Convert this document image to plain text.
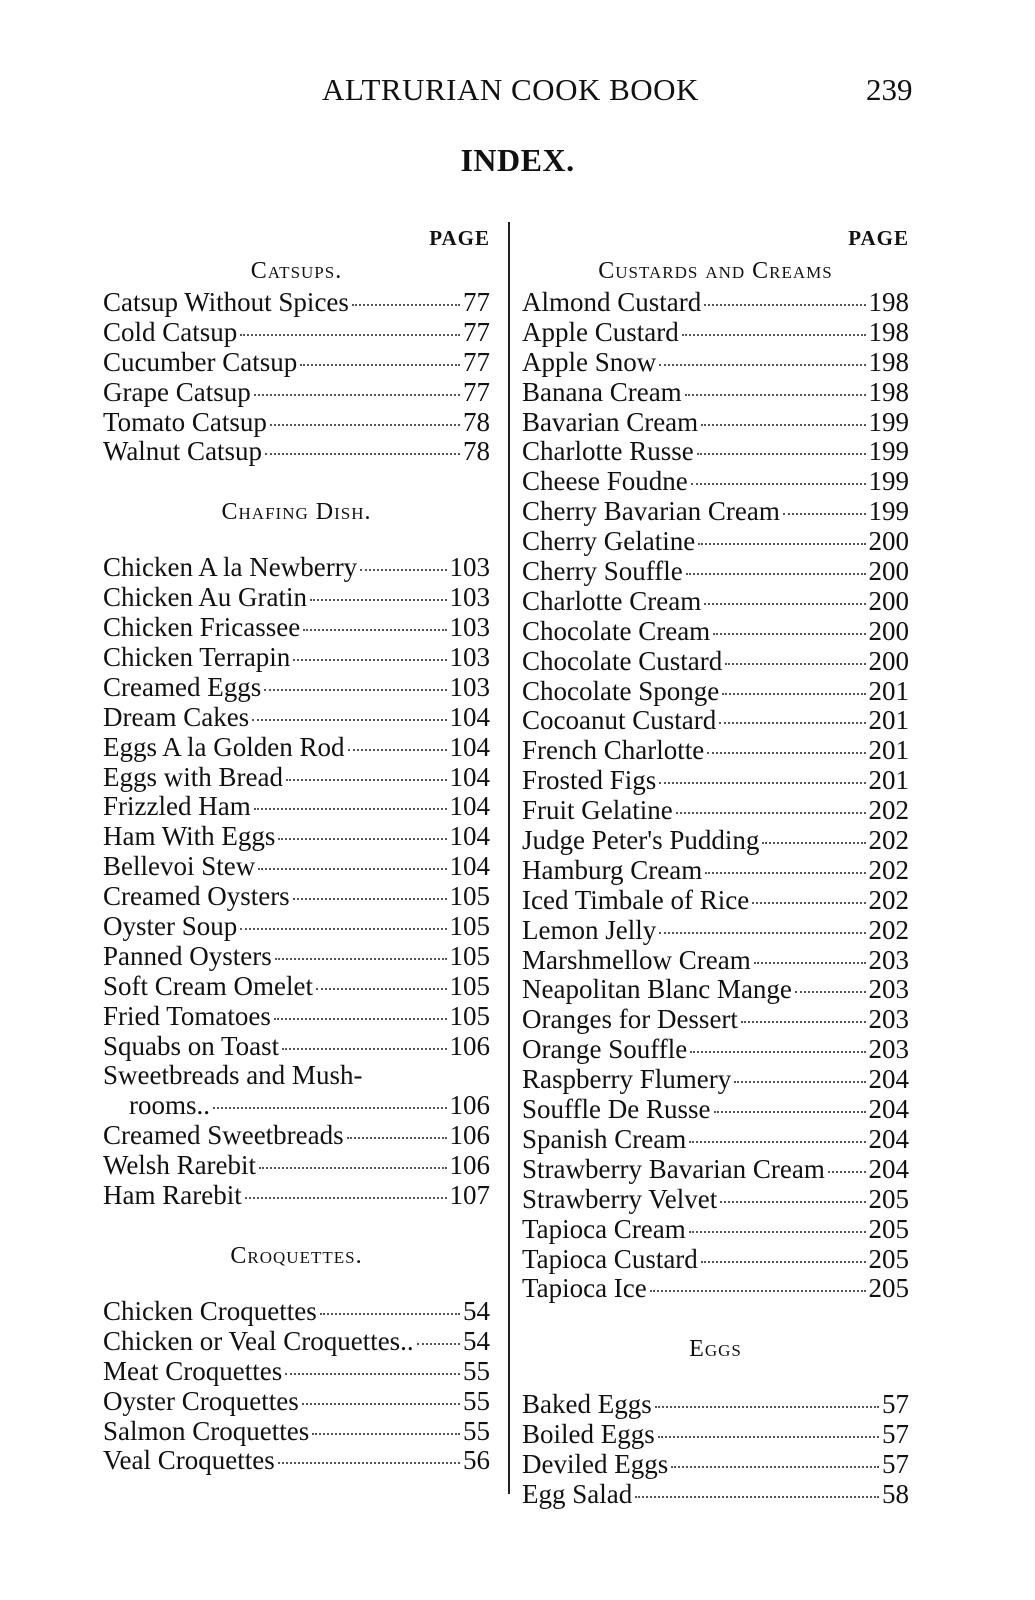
ALTRURIAN COOK BOOK	239
INDEX.
PAGE
Catsups.
Catsup Without Spices	77
Cold Catsup	77
Cucumber Catsup	77
Grape Catsup	77
Tomato Catsup	78
Walnut Catsup	78
Chafing Dish.
Chicken A la Newberry	103
Chicken Au Gratin	103
Chicken Fricassee	103
Chicken Terrapin	103
Creamed Eggs	103
Dream Cakes	104
Eggs A la Golden Rod	104
Eggs with Bread	104
Frizzled Ham	104
Ham With Eggs	104
Bellevoi Stew	104
Creamed Oysters	105
Oyster Soup	105
Panned Oysters	105
Soft Cream Omelet	105
Fried Tomatoes	105
Squabs on Toast	106
Sweetbreads and Mush-
rooms..	106
Creamed Sweetbreads	106
Welsh Rarebit	106
Ham Rarebit	107
Croquettes.
Chicken Croquettes	54
Chicken or Veal Croquettes.. 54
Meat Croquettes	55
Oyster Croquettes	55
Salmon Croquettes	55
Veal Croquettes	56
PAGE
Custards and Creams
Almond Custard	198
Apple Custard	198
Apple Snow	198
Banana Cream	198
Bavarian Cream	199
Charlotte Russe	199
Cheese Foudne	199
Cherry Bavarian Cream	199
Cherry Gelatine	200
Cherry Souffle	200
Charlotte Cream	200
Chocolate Cream	200
Chocolate Custard	200
Chocolate Sponge	201
Cocoanut Custard	201
French Charlotte	201
Frosted Figs	201
Fruit Gelatine	202
Judge Peter's Pudding	202
Hamburg Cream	202
Iced Timbale of Rice	202
Lemon Jelly	202
Marshmellow Cream	203
Neapolitan Blanc Mange	203
Oranges for Dessert	203
Orange Souffle	203
Raspberry Flumery	204
Souffle De Russe	204
Spanish Cream	204
Strawberry Bavarian Cream 204
Strawberry Velvet	205
Tapioca Cream	205
Tapioca Custard	205
Tapioca Ice	205
Eggs
Baked Eggs	57
Boiled Eggs	57
Deviled Eggs	57
Egg Salad	58
